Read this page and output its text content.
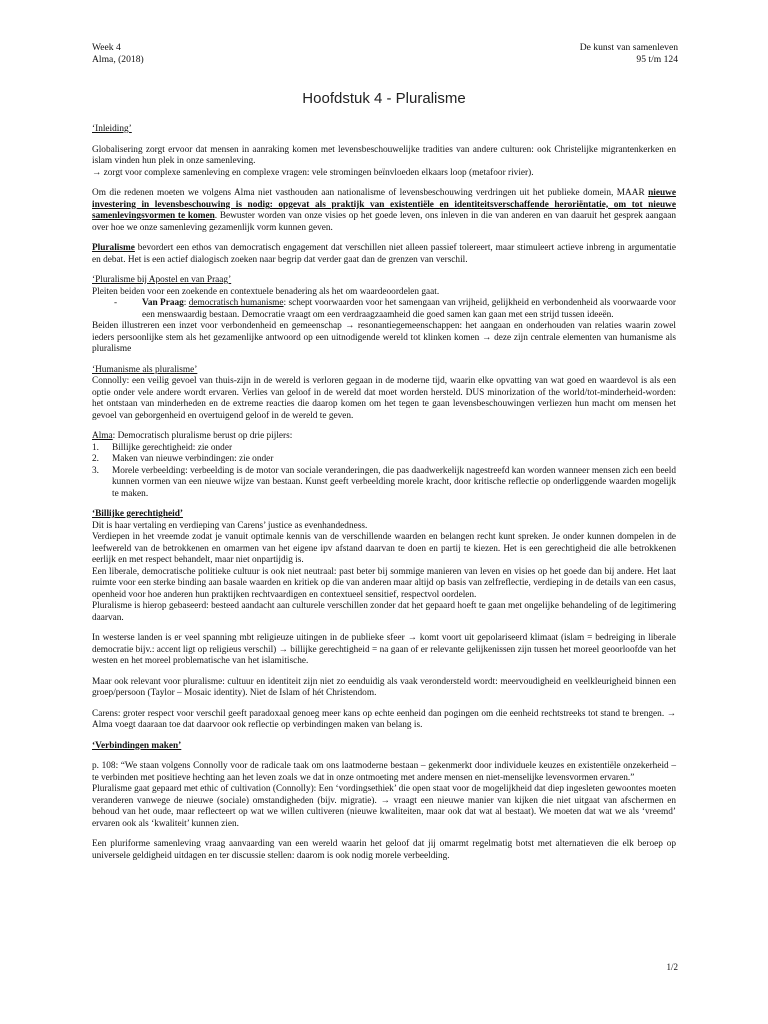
Week 4
Alma, (2018)
De kunst van samenleven
95 t/m 124
Hoofdstuk 4 - Pluralisme

‘Inleiding’

Globalisering zorgt ervoor dat mensen in aanraking komen met levensbeschouwelijke tradities van andere culturen: ook Christelijke migrantenkerken en islam vinden hun plek in onze samenleving.
→ zorgt voor complexe samenleving en complexe vragen: vele stromingen beïnvloeden elkaars loop (metafoor rivier).

Om die redenen moeten we volgens Alma niet vasthouden aan nationalisme of levensbeschouwing verdringen uit het publieke domein, MAAR nieuwe investering in levensbeschouwing is nodig: opgevat als praktijk van existentiële en identiteitsverschaffende heroriëntatie, om tot nieuwe samenlevingsvormen te komen. Bewuster worden van onze visies op het goede leven, ons inleven in die van anderen en van daaruit het gesprek aangaan over hoe we onze samenleving gezamenlijk vorm kunnen geven.

Pluralisme bevordert een ethos van democratisch engagement dat verschillen niet alleen passief tolereert, maar stimuleert actieve inbreng in argumentatie en debat. Het is een actief dialogisch zoeken naar begrip dat verder gaat dan de grenzen van verschil.

‘Pluralisme bij Apostel en van Praag’
Pleiten beiden voor een zoekende en contextuele benadering als het om waardeoordelen gaat.
-	Van Praag: democratisch humanisme: schept voorwaarden voor het samengaan van vrijheid, gelijkheid en verbondenheid als voorwaarde voor een menswaardig bestaan. Democratie vraagt om een verdraagzaamheid die goed samen kan gaan met een strijd tussen ideeën.

Beiden illustreren een inzet voor verbondenheid en gemeenschap → resonantiegemeenschappen: het aangaan en onderhouden van relaties waarin zowel ieders persoonlijke stem als het gezamenlijke antwoord op een uitnodigende wereld tot klinken komen → deze zijn centrale elementen van humanisme als pluralisme

‘Humanisme als pluralisme’

Connolly: een veilig gevoel van thuis-zijn in de wereld is verloren gegaan in de moderne tijd, waarin elke opvatting van wat goed en waardevol is als een optie onder vele andere wordt ervaren. Verlies van geloof in de wereld dat moet worden hersteld. DUS minorization of the world/tot-minderheid-worden: het ontstaan van minderheden en de extreme reacties die daarop komen om het tegen te gaan levensbeschouwingen verliezen hun macht om mensen het gevoel van geborgenheid en overtuigend geloof in de wereld te geven.

Alma: Democratisch pluralisme berust op drie pijlers:
1.	Billijke gerechtigheid: zie onder
2.	Maken van nieuwe verbindingen: zie onder
3.	Morele verbeelding: verbeelding is de motor van sociale veranderingen, die pas daadwerkelijk nagestreefd kan worden wanneer mensen zich een beeld kunnen vormen van een nieuwe wijze van bestaan. Kunst geeft verbeelding morele kracht, door kritische reflectie op onderliggende waarden mogelijk te maken.
‘Billijke gerechtigheid’

Dit is haar vertaling en verdieping van Carens’ justice as evenhandedness.
Verdiepen in het vreemde zodat je vanuit optimale kennis van de verschillende waarden en belangen recht kunt spreken. Je onder kunnen dompelen in de leefwereld van de betrokkenen en omarmen van het eigene ipv afstand daarvan te doen en partij te kiezen. Het is een gerechtigheid die alle betrokkenen eerlijk en met respect behandelt, maar niet onpartijdig is.
Een liberale, democratische politieke cultuur is ook niet neutraal: past beter bij sommige manieren van leven en visies op het goede dan bij andere. Het laat ruimte voor een sterke binding aan basale waarden en kritiek op die van anderen maar altijd op basis van zelfreflectie, verdieping in de details van een casus, openheid voor hoe anderen hun praktijken rechtvaardigen en contextueel sensitief, respectvol oordelen.
Pluralisme is hierop gebaseerd: besteed aandacht aan culturele verschillen zonder dat het gepaard hoeft te gaan met ongelijke behandeling of de legitimering daarvan.

In westerse landen is er veel spanning mbt religieuze uitingen in de publieke sfeer → komt voort uit gepolariseerd klimaat (islam = bedreiging in liberale democratie bijv.: accent ligt op religieus verschil) → billijke gerechtigheid = na gaan of er relevante gelijkenissen zijn tussen het moreel geoorloofde van het westen en het moreel problematische van het islamitische.

Maar ook relevant voor pluralisme: cultuur en identiteit zijn niet zo eenduidig als vaak verondersteld wordt: meervoudigheid en veelkleurigheid binnen een groep/persoon (Taylor – Mosaic identity). Niet de Islam of hét Christendom.

Carens: groter respect voor verschil geeft paradoxaal genoeg meer kans op echte eenheid dan pogingen om die eenheid rechtstreeks tot stand te brengen. → Alma voegt daaraan toe dat daarvoor ook reflectie op verbindingen maken van belang is.

‘Verbindingen maken’

p. 108: “We staan volgens Connolly voor de radicale taak om ons laatmoderne bestaan – gekenmerkt door individuele keuzes en existentiële onzekerheid – te verbinden met positieve hechting aan het leven zoals we dat in onze ontmoeting met andere mensen en niet-menselijke levensvormen ervaren.”
Pluralisme gaat gepaard met ethic of cultivation (Connolly): Een ‘vordingsethiek’ die open staat voor de mogelijkheid dat diep ingesleten gewoontes moeten veranderen vanwege de nieuwe (sociale) omstandigheden (bijv. migratie). → vraagt een nieuwe manier van kijken die niet uitgaat van afschermen en behoud van het oude, maar reflecteert op wat we willen cultiveren (nieuwe kwaliteiten, maar ook dat wat al bestaat). We moeten dat wat we als ‘vreemd’ ervaren ook als ‘kwaliteit’ kunnen zien.

Een pluriforme samenleving vraag aanvaarding van een wereld waarin het geloof dat jij omarmt regelmatig botst met alternatieven die elk beroep op universele geldigheid uitdagen en ter discussie stellen: daarom is ook nodig morele verbeelding.

1/2
